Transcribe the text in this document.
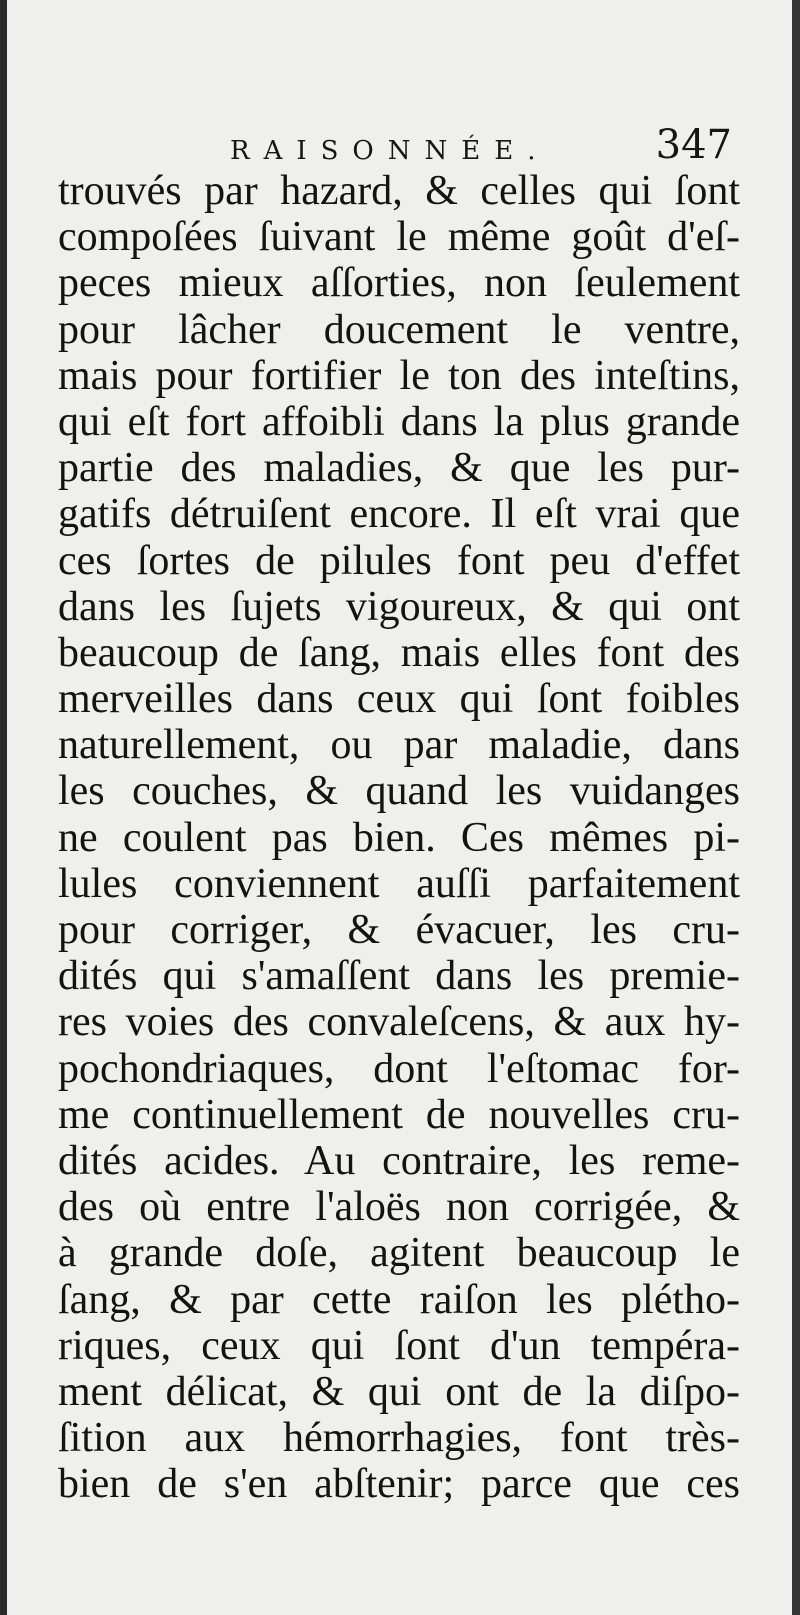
RAISONNÉE.	347
trouvés par hazard, & celles qui ſont
compoſées ſuivant le même goût d'eſ-
peces mieux aſſorties, non ſeulement
pour lâcher doucement le ventre,
mais pour fortifier le ton des inteſtins,
qui eſt fort affoibli dans la plus grande
partie des maladies, & que les pur-
gatifs détruiſent encore. Il eſt vrai que
ces ſortes de pilules font peu d'effet
dans les ſujets vigoureux, & qui ont
beaucoup de ſang, mais elles font des
merveilles dans ceux qui ſont foibles
naturellement, ou par maladie, dans
les couches, & quand les vuidanges
ne coulent pas bien. Ces mêmes pi-
lules conviennent auſſi parfaitement
pour corriger, & évacuer, les cru-
dités qui s'amaſſent dans les premie-
res voies des convaleſcens, & aux hy-
pochondriaques, dont l'eſtomac for-
me continuellement de nouvelles cru-
dités acides. Au contraire, les reme-
des où entre l'aloës non corrigée, &
à grande doſe, agitent beaucoup le
ſang, & par cette raiſon les plétho-
riques, ceux qui ſont d'un tempéra-
ment délicat, & qui ont de la diſpo-
ſition aux hémorrhagies, font très-
bien de s'en abſtenir; parce que ces
